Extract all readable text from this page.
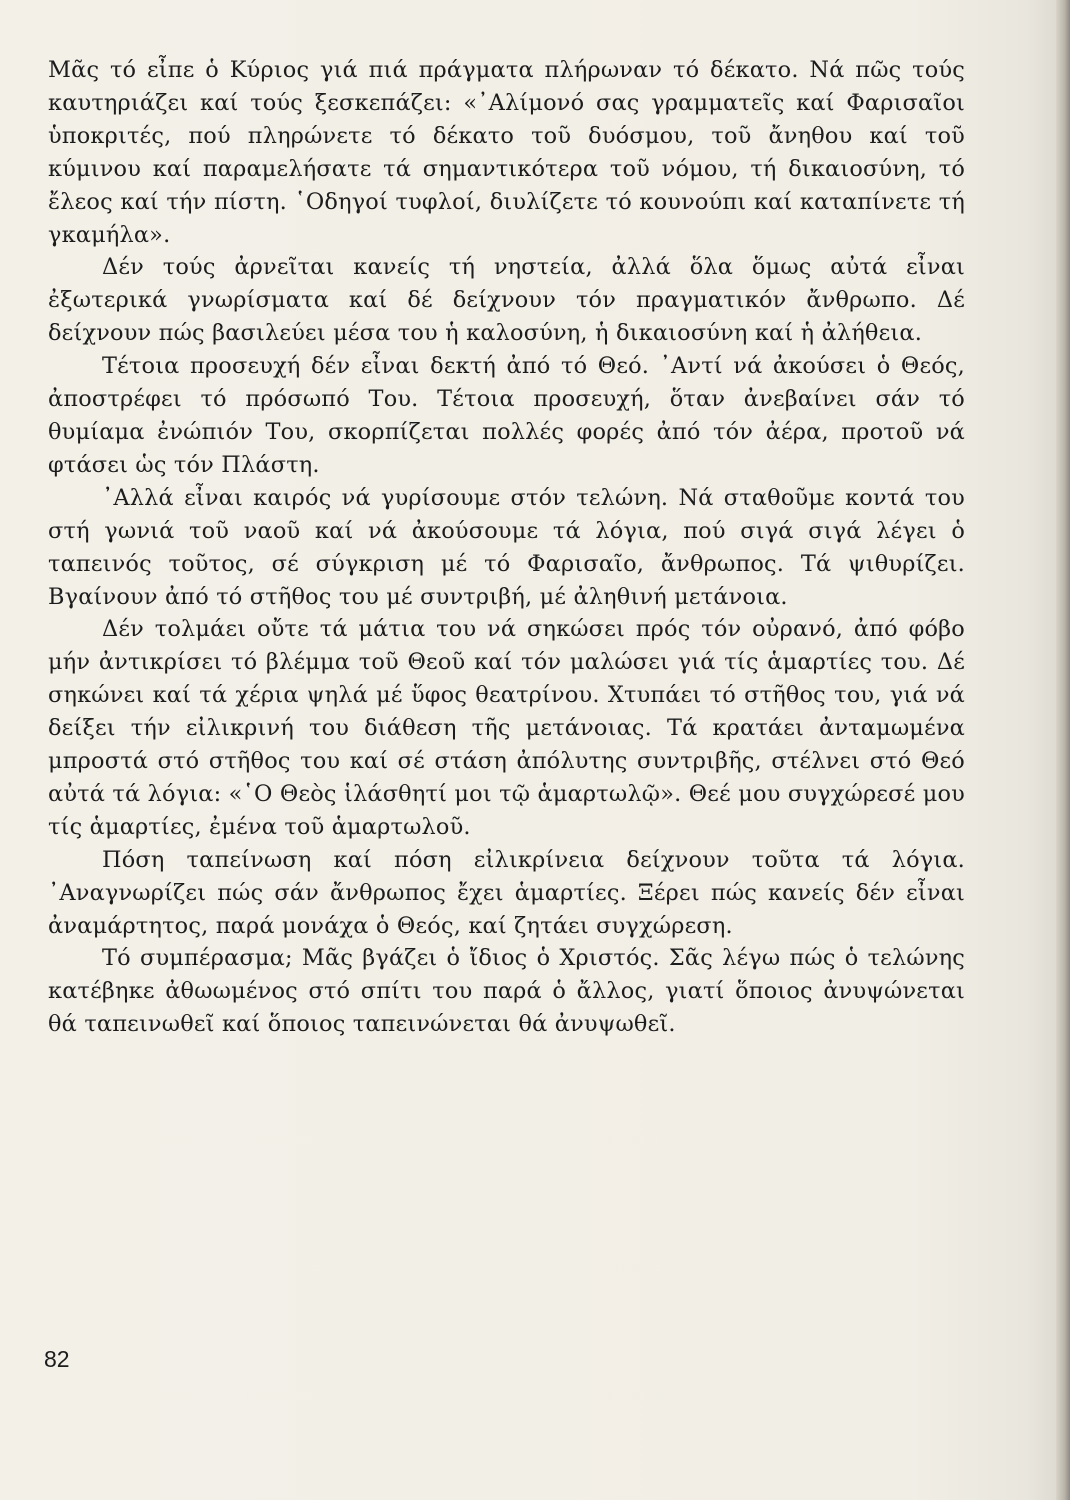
Μᾶς τό εἶπε ὁ Κύριος γιά πιά πράγματα πλήρωναν τό δέκατο. Νά πῶς τούς καυτηριάζει καί τούς ξεσκεπάζει: «᾿Αλίμονό σας γραμματεῖς καί Φαρισαῖοι ὑποκριτές, πού πληρώνετε τό δέκατο τοῦ δυόσμου, τοῦ ἄνηθου καί τοῦ κύμινου καί παραμελήσατε τά σημαντικότερα τοῦ νόμου, τή δικαιοσύνη, τό ἔλεος καί τήν πίστη. ῾Οδηγοί τυφλοί, διυλίζετε τό κουνούπι καί καταπίνετε τή γκαμήλα».

Δέν τούς ἀρνεῖται κανείς τή νηστεία, ἀλλά ὅλα ὅμως αὐτά εἶναι ἐξωτερικά γνωρίσματα καί δέ δείχνουν τόν πραγματικόν ἄνθρωπο. Δέ δείχνουν πώς βασιλεύει μέσα του ἡ καλοσύνη, ἡ δικαιοσύνη καί ἡ ἀλήθεια.

Τέτοια προσευχή δέν εἶναι δεκτή ἀπό τό Θεό. ᾿Αντί νά ἀκούσει ὁ Θεός, ἀποστρέφει τό πρόσωπό Του. Τέτοια προσευχή, ὅταν ἀνεβαίνει σάν τό θυμίαμα ἐνώπιόν Του, σκορπίζεται πολλές φορές ἀπό τόν ἀέρα, προτοῦ νά φτάσει ὡς τόν Πλάστη.

᾿Αλλά εἶναι καιρός νά γυρίσουμε στόν τελώνη. Νά σταθοῦμε κοντά του στή γωνιά τοῦ ναοῦ καί νά ἀκούσουμε τά λόγια, πού σιγά σιγά λέγει ὁ ταπεινός τοῦτος, σέ σύγκριση μέ τό Φαρισαῖο, ἄνθρωπος. Τά ψιθυρίζει. Βγαίνουν ἀπό τό στῆθος του μέ συντριβή, μέ ἀληθινή μετάνοια.

Δέν τολμάει οὔτε τά μάτια του νά σηκώσει πρός τόν οὐρανό, ἀπό φόβο μήν ἀντικρίσει τό βλέμμα τοῦ Θεοῦ καί τόν μαλώσει γιά τίς ἁμαρτίες του. Δέ σηκώνει καί τά χέρια ψηλά μέ ὕφος θεατρίνου. Χτυπάει τό στῆθος του, γιά νά δείξει τήν εἰλικρινή του διάθεση τῆς μετάνοιας. Τά κρατάει ἀνταμωμένα μπροστά στό στῆθος του καί σέ στάση ἀπόλυτης συντριβῆς, στέλνει στό Θεό αὐτά τά λόγια: «῾Ο Θεὸς ἱλάσθητί μοι τῷ ἁμαρτωλῷ». Θεέ μου συγχώρεσέ μου τίς ἁμαρτίες, ἐμένα τοῦ ἁμαρτωλοῦ.

Πόση ταπείνωση καί πόση εἰλικρίνεια δείχνουν τοῦτα τά λόγια. ᾿Αναγνωρίζει πώς σάν ἄνθρωπος ἔχει ἁμαρτίες. Ξέρει πώς κανείς δέν εἶναι ἀναμάρτητος, παρά μονάχα ὁ Θεός, καί ζητάει συγχώρεση.

Τό συμπέρασμα; Μᾶς βγάζει ὁ ἴδιος ὁ Χριστός. Σᾶς λέγω πώς ὁ τελώνης κατέβηκε ἀθωωμένος στό σπίτι του παρά ὁ ἄλλος, γιατί ὅποιος ἀνυψώνεται θά ταπεινωθεῖ καί ὅποιος ταπεινώνεται θά ἀνυψωθεῖ.

82
